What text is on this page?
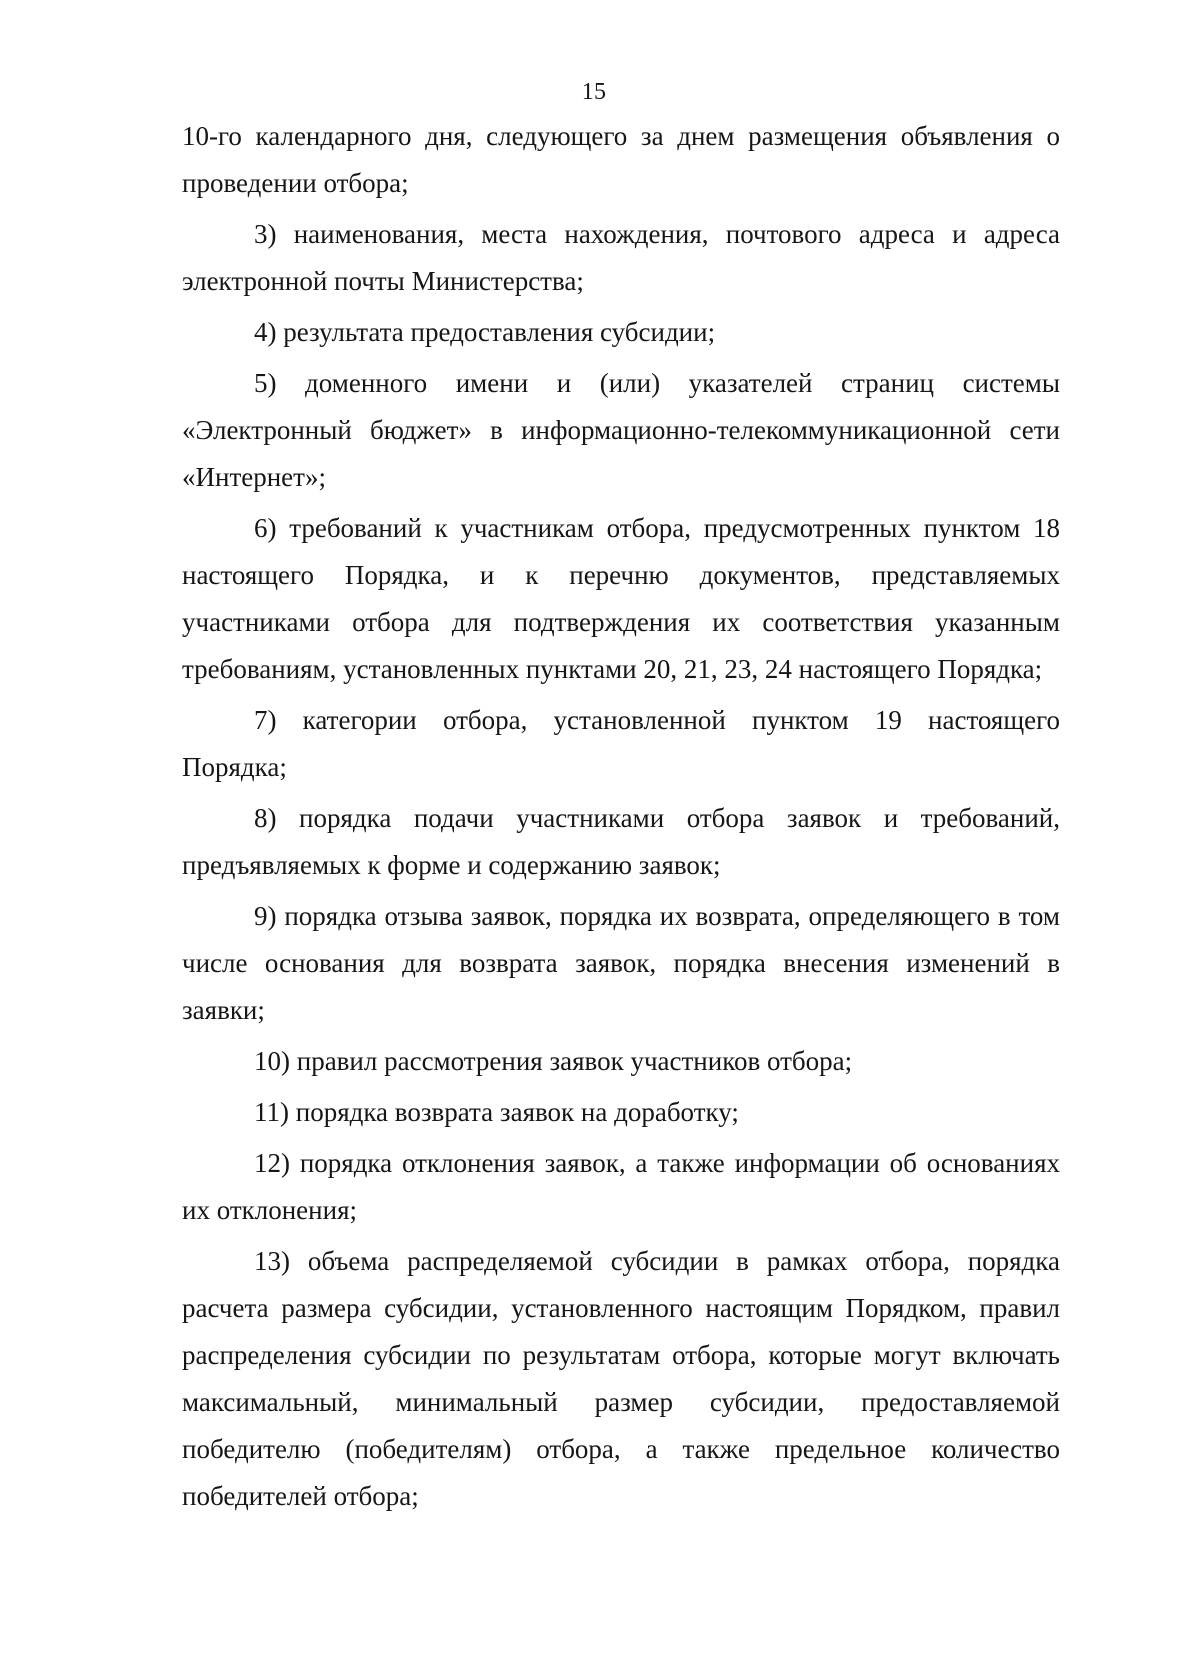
15

10-го календарного дня, следующего за днем размещения объявления о проведении отбора;

3) наименования, места нахождения, почтового адреса и адреса электронной почты Министерства;

4) результата предоставления субсидии;

5) доменного имени и (или) указателей страниц системы «Электронный бюджет» в информационно-телекоммуникационной сети «Интернет»;

6) требований к участникам отбора, предусмотренных пунктом 18 настоящего Порядка, и к перечню документов, представляемых участниками отбора для подтверждения их соответствия указанным требованиям, установленных пунктами 20, 21, 23, 24 настоящего Порядка;

7) категории отбора, установленной пунктом 19 настоящего Порядка;

8) порядка подачи участниками отбора заявок и требований, предъявляемых к форме и содержанию заявок;

9) порядка отзыва заявок, порядка их возврата, определяющего в том числе основания для возврата заявок, порядка внесения изменений в заявки;

10) правил рассмотрения заявок участников отбора;

11) порядка возврата заявок на доработку;

12) порядка отклонения заявок, а также информации об основаниях их отклонения;

13) объема распределяемой субсидии в рамках отбора, порядка расчета размера субсидии, установленного настоящим Порядком, правил распределения субсидии по результатам отбора, которые могут включать максимальный, минимальный размер субсидии, предоставляемой победителю (победителям) отбора, а также предельное количество победителей отбора;
